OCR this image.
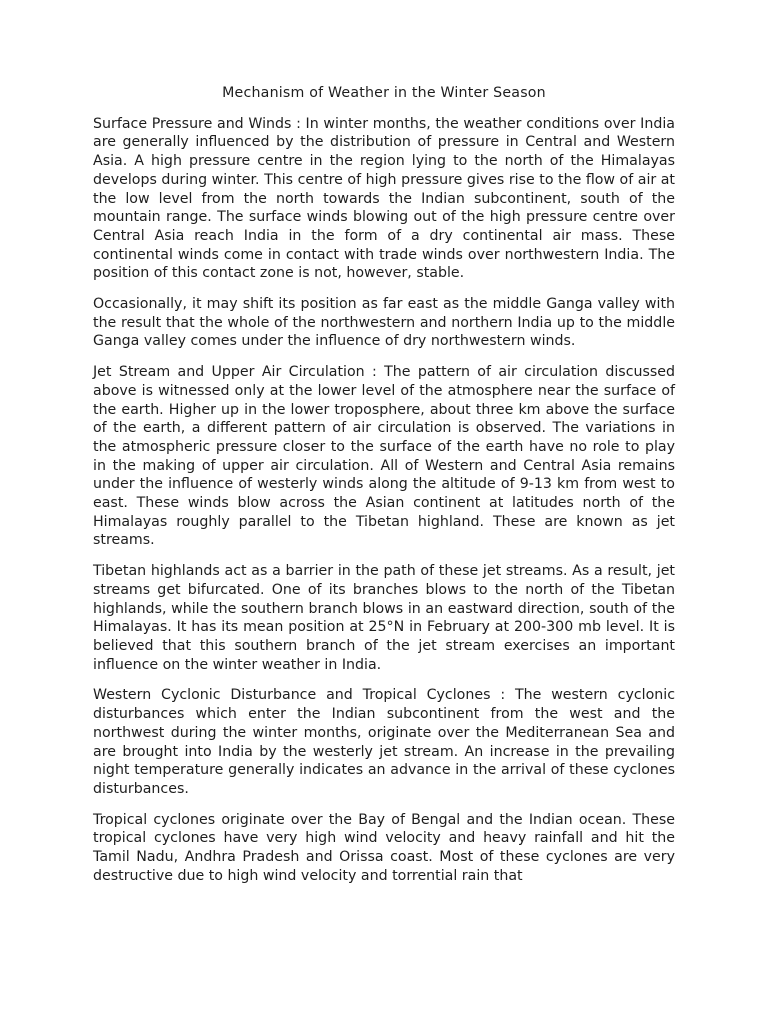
Mechanism of Weather in the Winter Season

Surface Pressure and Winds : In winter months, the weather conditions over India are generally influenced by the distribution of pressure in Central and Western Asia. A high pressure centre in the region lying to the north of the Himalayas develops during winter. This centre of high pressure gives rise to the flow of air at the low level from the north towards the Indian subcontinent, south of the mountain range. The surface winds blowing out of the high pressure centre over Central Asia reach India in the form of a dry continental air mass. These continental winds come in contact with trade winds over northwestern India. The position of this contact zone is not, however, stable.

Occasionally, it may shift its position as far east as the middle Ganga valley with the result that the whole of the northwestern and northern India up to the middle Ganga valley comes under the influence of dry northwestern winds.

Jet Stream and Upper Air Circulation : The pattern of air circulation discussed above is witnessed only at the lower level of the atmosphere near the surface of the earth. Higher up in the lower troposphere, about three km above the surface of the earth, a different pattern of air circulation is observed. The variations in the atmospheric pressure closer to the surface of the earth have no role to play in the making of upper air circulation. All of Western and Central Asia remains under the influence of westerly winds along the altitude of 9-13 km from west to east. These winds blow across the Asian continent at latitudes north of the Himalayas roughly parallel to the Tibetan highland. These are known as jet streams.

Tibetan highlands act as a barrier in the path of these jet streams. As a result, jet streams get bifurcated. One of its branches blows to the north of the Tibetan highlands, while the southern branch blows in an eastward direction, south of the Himalayas. It has its mean position at 25°N in February at 200-300 mb level. It is believed that this southern branch of the jet stream exercises an important influence on the winter weather in India.

Western Cyclonic Disturbance and Tropical Cyclones : The western cyclonic disturbances which enter the Indian subcontinent from the west and the northwest during the winter months, originate over the Mediterranean Sea and are brought into India by the westerly jet stream. An increase in the prevailing night temperature generally indicates an advance in the arrival of these cyclones disturbances.

Tropical cyclones originate over the Bay of Bengal and the Indian ocean. These tropical cyclones have very high wind velocity and heavy rainfall and hit the Tamil Nadu, Andhra Pradesh and Orissa coast. Most of these cyclones are very destructive due to high wind velocity and torrential rain that
